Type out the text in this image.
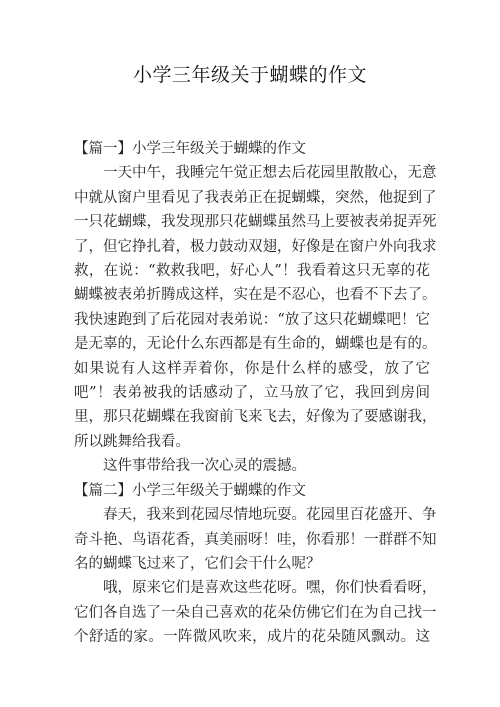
小学三年级关于蝴蝶的作文

【篇一】小学三年级关于蝴蝶的作文

一天中午，我睡完午觉正想去后花园里散散心，无意
中就从窗户里看见了我表弟正在捉蝴蝶，突然，他捉到了
一只花蝴蝶，我发现那只花蝴蝶虽然马上要被表弟捉弄死
了，但它挣扎着，极力鼓动双翅，好像是在窗户外向我求
救，在说：“救救我吧，好心人”！我看着这只无辜的花
蝴蝶被表弟折腾成这样，实在是不忍心，也看不下去了。
我快速跑到了后花园对表弟说：“放了这只花蝴蝶吧！它
是无辜的，无论什么东西都是有生命的，蝴蝶也是有的。
如果说有人这样弄着你，你是什么样的感受，放了它
吧”！表弟被我的话感动了，立马放了它，我回到房间
里，那只花蝴蝶在我窗前飞来飞去，好像为了要感谢我，
所以跳舞给我看。

这件事带给我一次心灵的震撼。

【篇二】小学三年级关于蝴蝶的作文

春天，我来到花园尽情地玩耍。花园里百花盛开、争
奇斗艳、鸟语花香，真美丽呀！哇，你看那！一群群不知
名的蝴蝶飞过来了，它们会干什么呢？

哦，原来它们是喜欢这些花呀。嘿，你们快看看呀，
它们各自选了一朵自己喜欢的花朵仿佛它们在为自己找一
个舒适的家。一阵微风吹来，成片的花朵随风飘动。这
